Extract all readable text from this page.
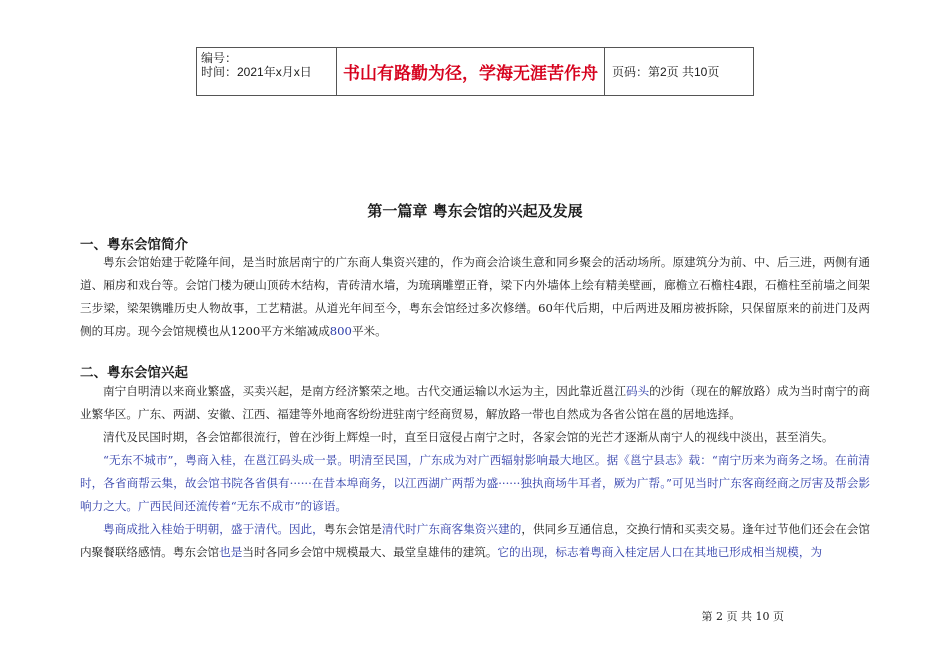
编号：
时间：2021年x月x日	书山有路勤为径，学海无涯苦作舟	页码：第2页 共10页
第一篇章 粤东会馆的兴起及发展
一、粤东会馆简介

粤东会馆始建于乾隆年间，是当时旅居南宁的广东商人集资兴建的，作为商会洽谈生意和同乡聚会的活动场所。原建筑分为前、中、后三进，两侧有通道、厢房和戏台等。会馆门楼为硬山顶砖木结构，青砖清水墙，为琉璃雕塑正脊，梁下内外墙体上绘有精美壁画，廊檐立石檐柱4跟，石檐柱至前墙之间架三步梁，梁架镌雕历史人物故事，工艺精湛。从道光年间至今，粤东会馆经过多次修缮。60年代后期，中后两进及厢房被拆除，只保留原来的前进门及两侧的耳房。现今会馆规模也从1200平方米缩减成800平米。

二、粤东会馆兴起

南宁自明清以来商业繁盛，买卖兴起，是南方经济繁荣之地。古代交通运输以水运为主，因此靠近邕江码头的沙街（现在的解放路）成为当时南宁的商业繁华区。广东、两湖、安徽、江西、福建等外地商客纷纷进驻南宁经商贸易，解放路一带也自然成为各省公馆在邕的居地选择。

清代及民国时期，各会馆都很流行，曾在沙街上辉煌一时，直至日寇侵占南宁之时，各家会馆的光芒才逐渐从南宁人的视线中淡出，甚至消失。

“无东不城市”，粤商入桂，在邕江码头成一景。明清至民国，广东成为对广西辐射影响最大地区。据《邕宁县志》载：“南宁历来为商务之场。在前清时，各省商帮云集，故会馆书院各省俱有······在昔本埠商务，以江西湖广两帮为盛······独执商场牛耳者，厥为广帮。”可见当时广东客商经商之厉害及帮会影响力之大。广西民间还流传着“无东不成市”的谚语。

粤商成批入桂始于明朝，盛于清代。因此，粤东会馆是清代时广东商客集资兴建的，供同乡互通信息，交换行情和买卖交易。逢年过节他们还会在会馆内聚餐联络感情。粤东会馆也是当时各同乡会馆中规模最大、最堂皇雄伟的建筑。它的出现，标志着粤商入桂定居人口在其地已形成相当规模，为

第 2 页 共 10 页
